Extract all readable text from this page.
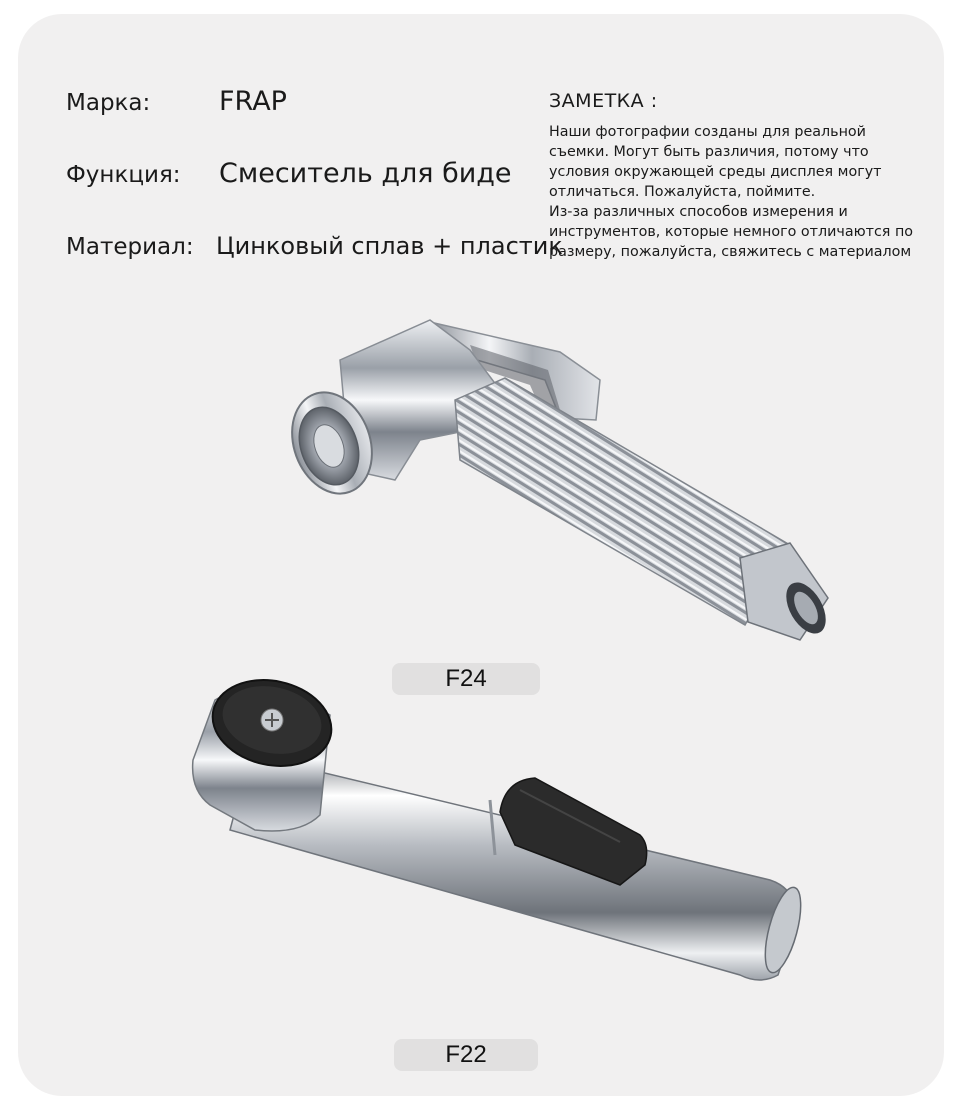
Марка:	FRAP
Функция: Смеситель для биде
Материал: Цинковый сплав + пластик
ЗАМЕТКА :
Наши фотографии созданы для реальной
съемки. Могут быть различия, потому что
условия окружающей среды дисплея могут
отличаться. Пожалуйста, поймите.
Из-за различных способов измерения и
инструментов, которые немного отличаются по
размеру, пожалуйста, свяжитесь с материалом
F24
F22
